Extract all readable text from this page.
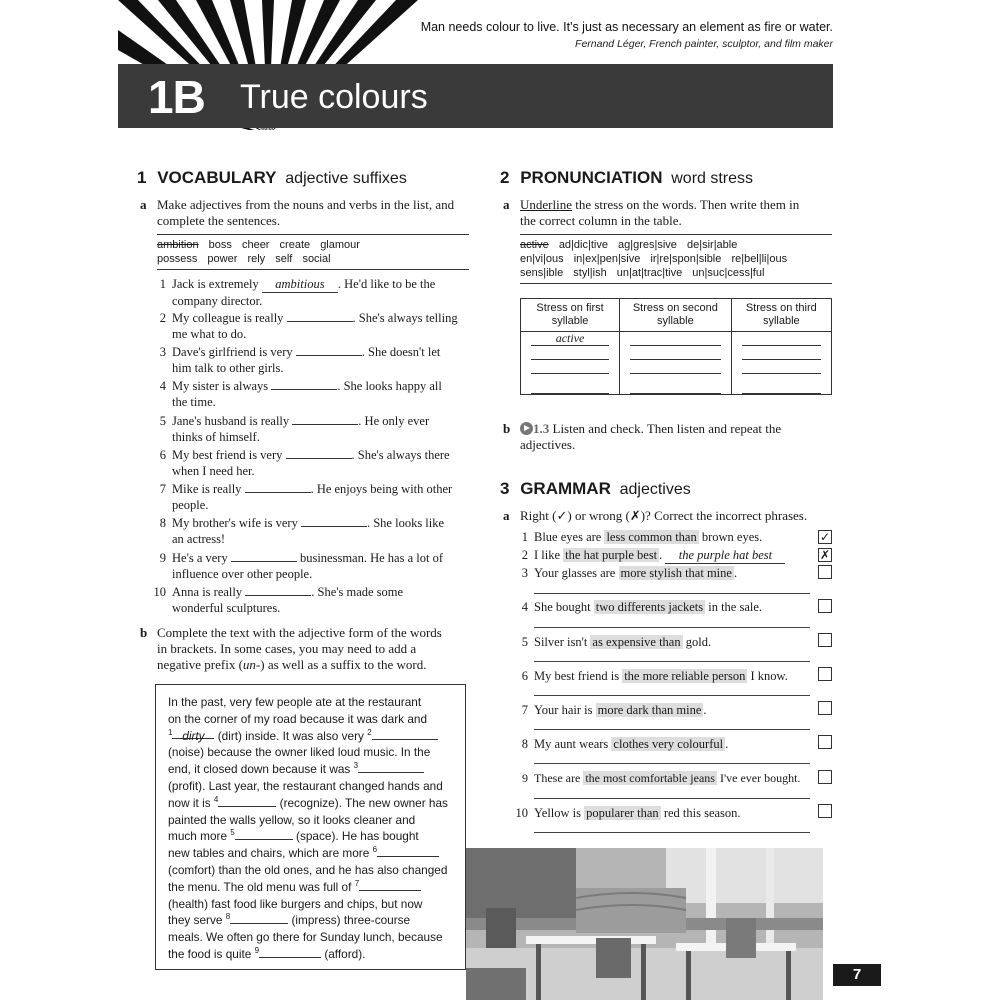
Man needs colour to live. It's just as necessary an element as fire or water.
Fernand Léger, French painter, sculptor, and film maker
1B True colours
1 VOCABULARY adjective suffixes
a Make adjectives from the nouns and verbs in the list, and complete the sentences.
ambition boss cheer create glamour
possess power rely self social
1 Jack is extremely ambitious . He'd like to be the
company director.
2 My colleague is really	. She's always telling
me what to do.
3 Dave's girlfriend is very	. She doesn't let
him talk to other girls.
4 My sister is always	. She looks happy all
the time.
5 Jane's husband is really	. He only ever
thinks of himself.
6 My best friend is very	. She's always there
when I need her.
7 Mike is really	. He enjoys being with other
people.
8 My brother's wife is very	. She looks like
an actress!
9 He's a very	businessman. He has a lot of
influence over other people.
10 Anna is really	. She's made some
wonderful sculptures.
b Complete the text with the adjective form of the words
in brackets. In some cases, you may need to add a
negative prefix (un-) as well as a suffix to the word.
In the past, very few people ate at the restaurant
on the corner of my road because it was dark and
$^1$ dirty (dirt) inside. It was also very $^2$
(noise) because the owner liked loud music. In the
end, it closed down because it was $^3$
(profit). Last year, the restaurant changed hands and
now it is $^4$	(recognize). The new owner has
painted the walls yellow, so it looks cleaner and
much more $^5$	(space). He has bought
new tables and chairs, which are more $^6$
(comfort) than the old ones, and he has also changed
the menu. The old menu was full of $^7$
(health) fast food like burgers and chips, but now
they serve $^8$	(impress) three-course
meals. We often go there for Sunday lunch, because
the food is quite $^9$	(afford).
2 PRONUNCIATION word stress
a Underline the stress on the words. Then write them in
the correct column in the table.
active ad|dic|tive ag|gres|sive de|sir|able
en|vi|ous in|ex|pen|sive ir|re|spon|sible re|bel|li|ous
sens|ible styl|ish un|at|trac|tive un|suc|cess|ful
Stress on first syllable	Stress on second syllable	Stress on third syllable

active		

b	1.3 Listen and check. Then listen and repeat the
adjectives.
3 GRAMMAR adjectives
a Right (✓) or wrong (✗)? Correct the incorrect phrases.
1 Blue eyes are less common than brown eyes.	✓
2 I like the hat purple best . the purple hat best	✗
3 Your glasses are more stylish that mine .
4 She bought two differents jackets in the sale.
5 Silver isn't as expensive than gold.
6 My best friend is the more reliable person I know.
7 Your hair is more dark than mine .
8 My aunt wears clothes very colourful .
9 These are the most comfortable jeans I've ever bought.
10 Yellow is popularer than red this season.
7
